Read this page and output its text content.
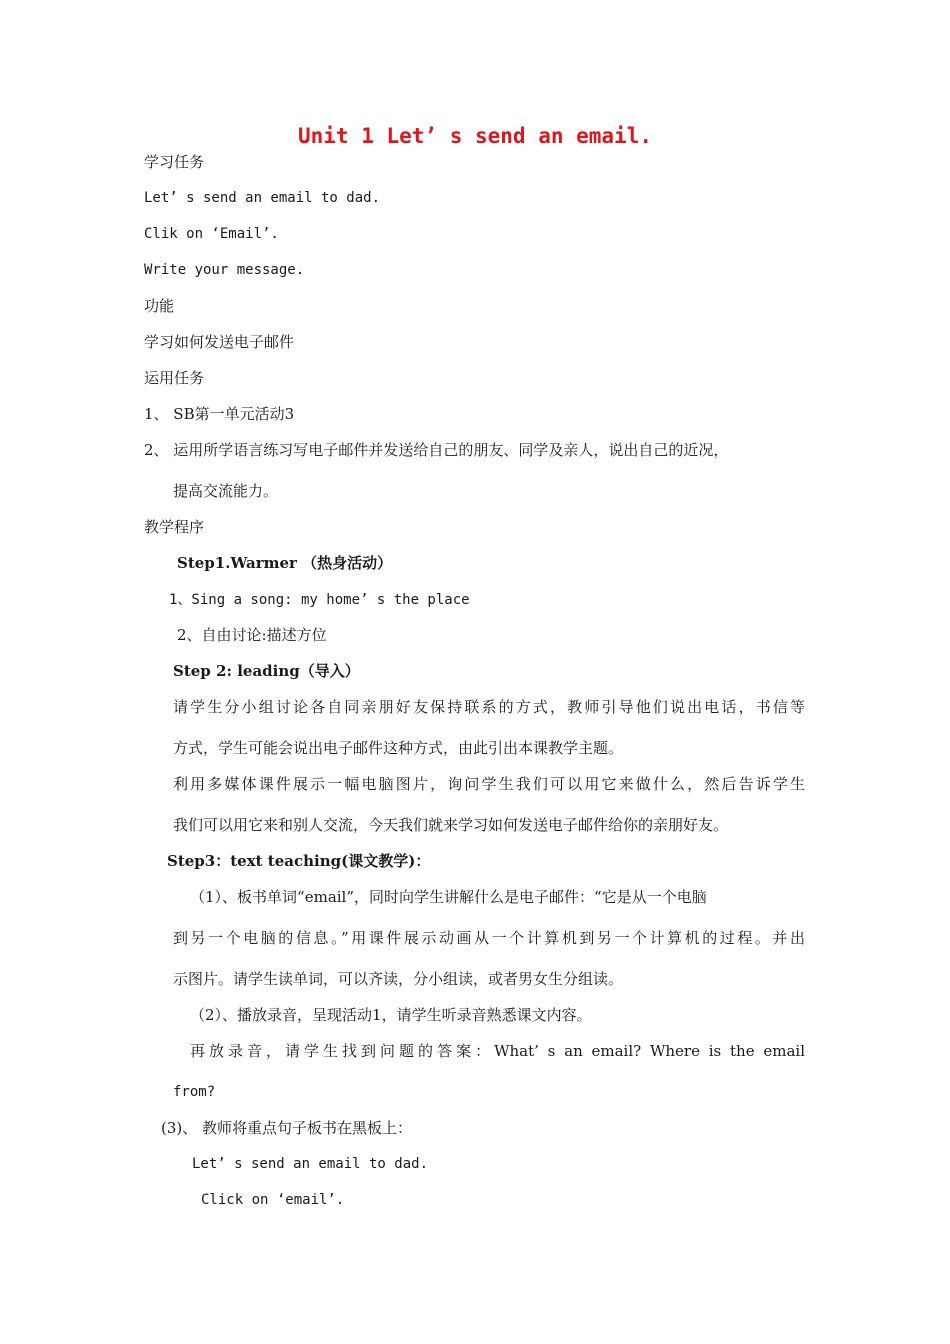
Unit 1 Let’ s send an email.
学习任务
Let’ s send an email to dad.
Clik on ‘Email’.
Write your message.
功能
学习如何发送电子邮件
运用任务
1、 SB第一单元活动3
2、 运用所学语言练习写电子邮件并发送给自己的朋友、同学及亲人，说出自己的近况，
提高交流能力。
教学程序
Step1.Warmer （热身活动）
1、Sing a song: my home’ s the place
2、自由讨论:描述方位
Step 2: leading（导入）
请学生分小组讨论各自同亲朋好友保持联系的方式，教师引导他们说出电话，书信等
方式，学生可能会说出电子邮件这种方式，由此引出本课教学主题。
利用多媒体课件展示一幅电脑图片，询问学生我们可以用它来做什么，然后告诉学生
我们可以用它来和别人交流，今天我们就来学习如何发送电子邮件给你的亲朋好友。
Step3：text teaching(课文教学)：
（1）、板书单词“email”，同时向学生讲解什么是电子邮件：“它是从一个电脑
到另一个电脑的信息。”用课件展示动画从一个计算机到另一个计算机的过程。并出
示图片。请学生读单词，可以齐读，分小组读，或者男女生分组读。
（2）、播放录音，呈现活动1，请学生听录音熟悉课文内容。
再放录音，请学生找到问题的答案：What’ s an email? Where is the email
from?
(3)、 教师将重点句子板书在黑板上：
Let’ s send an email to dad.
Click on ‘email’.
